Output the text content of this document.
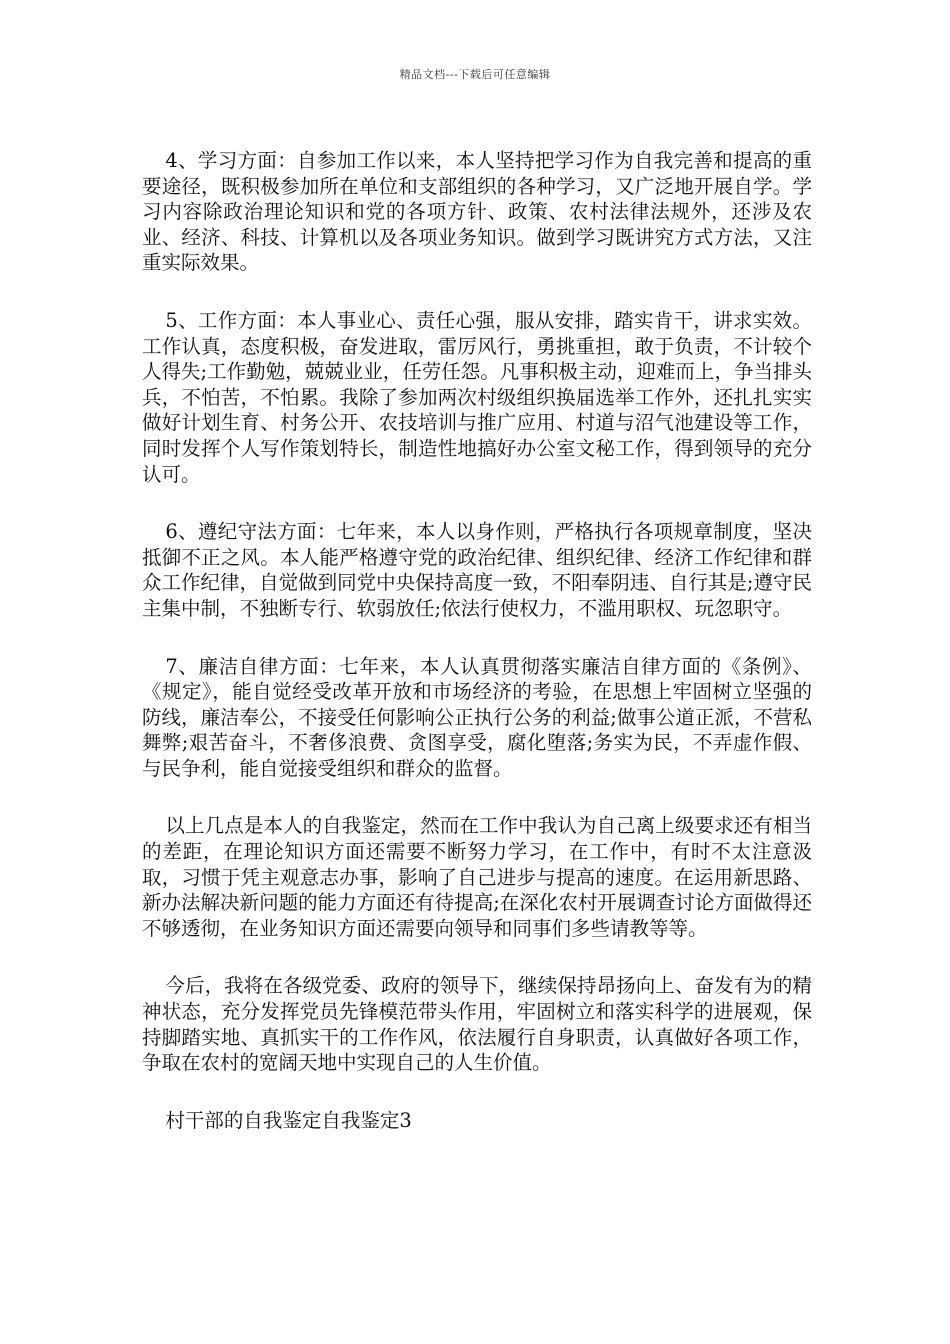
精品文档---下载后可任意编辑

4、学习方面：自参加工作以来，本人坚持把学习作为自我完善和提高的重要途径，既积极参加所在单位和支部组织的各种学习，又广泛地开展自学。学习内容除政治理论知识和党的各项方针、政策、农村法律法规外，还涉及农业、经济、科技、计算机以及各项业务知识。做到学习既讲究方式方法，又注重实际效果。

5、工作方面：本人事业心、责任心强，服从安排，踏实肯干，讲求实效。工作认真，态度积极，奋发进取，雷厉风行，勇挑重担，敢于负责，不计较个人得失;工作勤勉，兢兢业业，任劳任怨。凡事积极主动，迎难而上，争当排头兵，不怕苦，不怕累。我除了参加两次村级组织换届选举工作外，还扎扎实实做好计划生育、村务公开、农技培训与推广应用、村道与沼气池建设等工作，同时发挥个人写作策划特长，制造性地搞好办公室文秘工作，得到领导的充分认可。

6、遵纪守法方面：七年来，本人以身作则，严格执行各项规章制度，坚决抵御不正之风。本人能严格遵守党的政治纪律、组织纪律、经济工作纪律和群众工作纪律，自觉做到同党中央保持高度一致，不阳奉阴违、自行其是;遵守民主集中制，不独断专行、软弱放任;依法行使权力，不滥用职权、玩忽职守。

7、廉洁自律方面：七年来，本人认真贯彻落实廉洁自律方面的《条例》、《规定》，能自觉经受改革开放和市场经济的考验，在思想上牢固树立坚强的防线，廉洁奉公，不接受任何影响公正执行公务的利益;做事公道正派，不营私舞弊;艰苦奋斗，不奢侈浪费、贪图享受，腐化堕落;务实为民，不弄虚作假、与民争利，能自觉接受组织和群众的监督。

以上几点是本人的自我鉴定，然而在工作中我认为自己离上级要求还有相当的差距，在理论知识方面还需要不断努力学习，在工作中，有时不太注意汲取，习惯于凭主观意志办事，影响了自己进步与提高的速度。在运用新思路、新办法解决新问题的能力方面还有待提高;在深化农村开展调查讨论方面做得还不够透彻，在业务知识方面还需要向领导和同事们多些请教等等。

今后，我将在各级党委、政府的领导下，继续保持昂扬向上、奋发有为的精神状态，充分发挥党员先锋模范带头作用，牢固树立和落实科学的进展观，保持脚踏实地、真抓实干的工作作风，依法履行自身职责，认真做好各项工作，争取在农村的宽阔天地中实现自己的人生价值。

村干部的自我鉴定自我鉴定3
